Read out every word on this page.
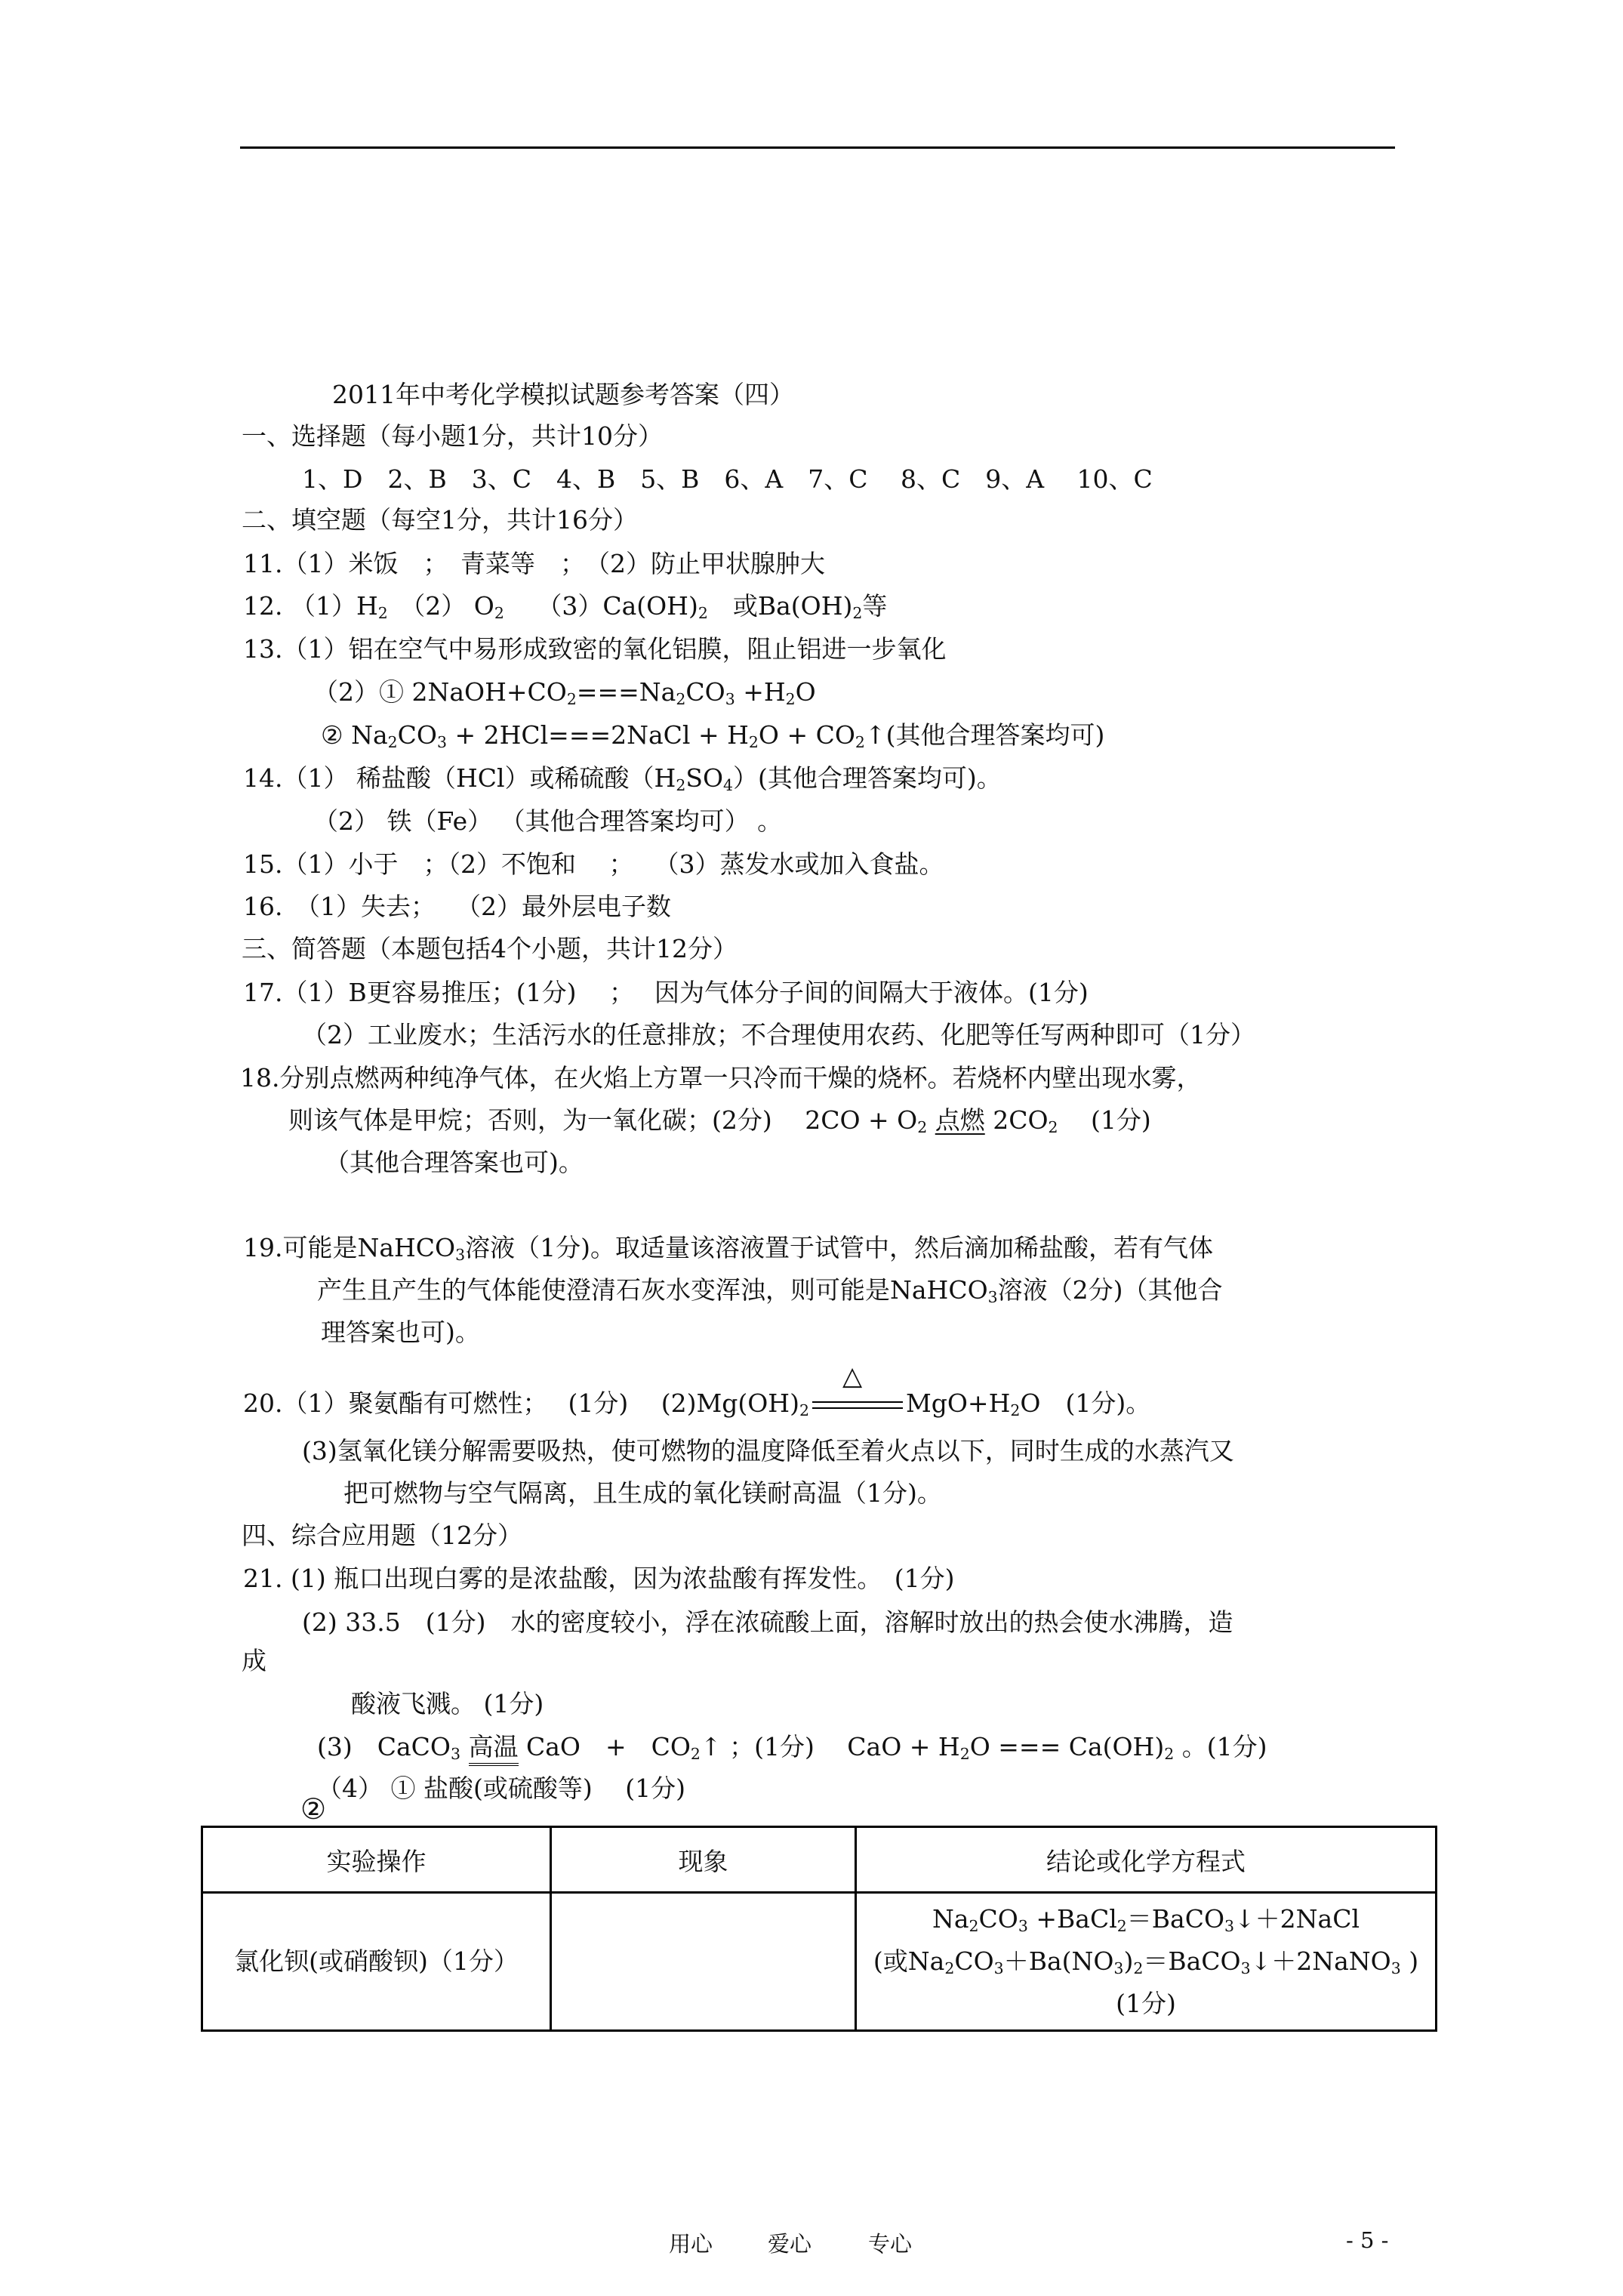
2011年中考化学模拟试题参考答案（四）
一、选择题（每小题1分，共计10分）
1、D　2、B　3、C　4、B　5、B　6、A　7、C　 8、C　9、A　 10、C
二、填空题（每空1分，共计16分）
11.（1）米饭　；　青菜等　；　（2）防止甲状腺肿大
12. $(1)H_2$　（2） $O_2$　 $(3)Ca(OH)_2$　或$Ba(OH)_2$等
13.（1）铝在空气中易形成致密的氧化铝膜，阻止铝进一步氧化
（2）① $2NaOH+CO_2===Na_2CO_3 +H_2O$
② $Na_2CO_3$ + 2HCl===2NaCl + $H_2O$ + $CO_2↑$(其他合理答案均可)
14.（1） 稀盐酸（HCl）或稀硫酸$(H_2SO_4)$(其他合理答案均可)。
（2） 铁（Fe） （其他合理答案均可） 。
15.（1）小于　；（2）不饱和　 ；　 （3）蒸发水或加入食盐。
16.　（1）失去；　 （2）最外层电子数
三、简答题（本题包括4个小题，共计12分）
17.（1）B更容易推压；(1分)　 ；　 因为气体分子间的间隔大于液体。(1分)
（2）工业废水；生活污水的任意排放；不合理使用农药、化肥等任写两种即可（1分）
18.分别点燃两种纯净气体，在火焰上方罩一只冷而干燥的烧杯。若烧杯内壁出现水雾，
则该气体是甲烷；否则，为一氧化碳；(2分)　 $2CO + O_2$ 点燃 $2CO_2$　 (1分)
（其他合理答案也可)。
19.可能是NaHCO$_3$溶液（1分)。取适量该溶液置于试管中，然后滴加稀盐酸，若有气体
产生且产生的气体能使澄清石灰水变浑浊，则可能是NaHCO$_3$溶液（2分)（其他合
理答案也可)。
20.（1）聚氨酯有可燃性；　 (1分)　 $(2)Mg(OH)_2$
△
$MgO+H_2O$　(1分)。
(3)氢氧化镁分解需要吸热，使可燃物的温度降低至着火点以下，同时生成的水蒸汽又
把可燃物与空气隔离，且生成的氧化镁耐高温（1分)。
四、综合应用题（12分）
21. (1) 瓶口出现白雾的是浓盐酸，因为浓盐酸有挥发性。　(1分)
(2) 33.5　(1分)　水的密度较小，浮在浓硫酸上面，溶解时放出的热会使水沸腾，造
成
酸液飞溅。 (1分)
(3)　CaCO$_3$ 高温 CaO　+　$CO_2↑$ ；(1分)　 CaO + $H_2O$ === $Ca(OH)_2$ 。(1分)
（4） ① 盐酸(或硫酸等)　 (1分)
②
实验操作	现象	结论或化学方程式
氯化钡(或硝酸钡)（1分）		$Na_2CO_3$ +BaCl$_2$＝BaCO$_3$↓＋2NaCl
(或$Na_2CO_3+Ba(NO_3)_2=BaCO_3↓+2NaNO_3$ )
(1分)
用心	爱心	专心	- 5 -
